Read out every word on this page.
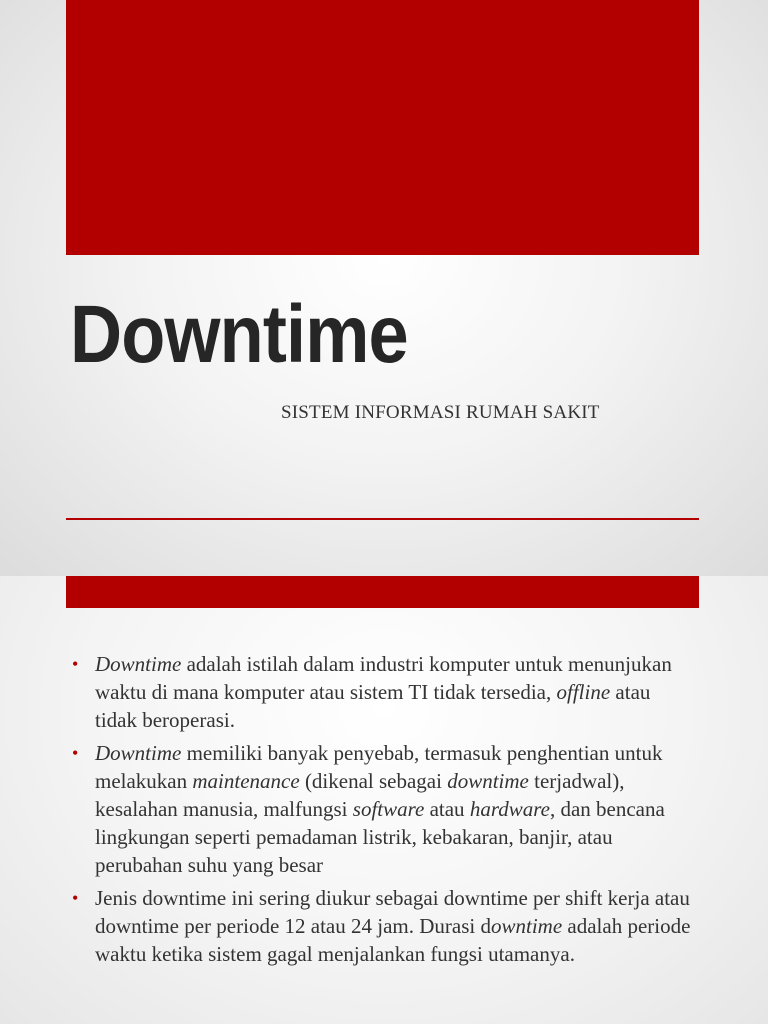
Downtime

SISTEM INFORMASI RUMAH SAKIT

• Downtime adalah istilah dalam industri komputer untuk menunjukan waktu di mana komputer atau sistem TI tidak tersedia, offline atau tidak beroperasi.
• Downtime memiliki banyak penyebab, termasuk penghentian untuk melakukan maintenance (dikenal sebagai downtime terjadwal), kesalahan manusia, malfungsi software atau hardware, dan bencana lingkungan seperti pemadaman listrik, kebakaran, banjir, atau perubahan suhu yang besar
• Jenis downtime ini sering diukur sebagai downtime per shift kerja atau downtime per periode 12 atau 24 jam. Durasi downtime adalah periode waktu ketika sistem gagal menjalankan fungsi utamanya.
